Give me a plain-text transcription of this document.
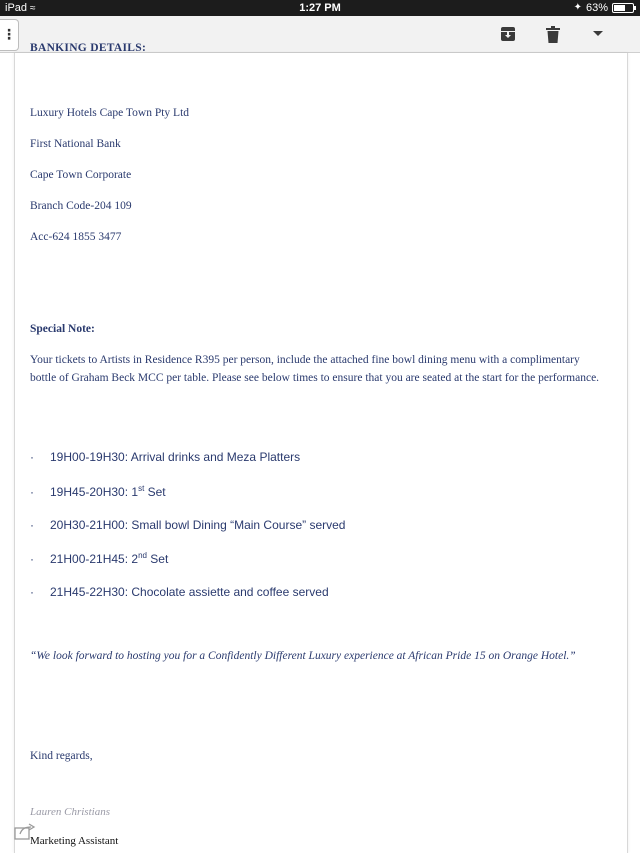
iPad ≈	1:27 PM	✦ 63%
⋮
BANKING DETAILS:

Luxury Hotels Cape Town Pty Ltd

First National Bank

Cape Town Corporate

Branch Code-204 109

Acc-624 1855 3477

Special Note:

Your tickets to Artists in Residence R395 per person, include the attached fine bowl dining menu with a complimentary bottle of Graham Beck MCC per table. Please see below times to ensure that you are seated at the start for the performance.

· 19H00-19H30: Arrival drinks and Meza Platters
· 19H45-20H30: 1st Set
· 20H30-21H00: Small bowl Dining “Main Course” served
· 21H00-21H45: 2nd Set
· 21H45-22H30: Chocolate assiette and coffee served

“We look forward to hosting you for a Confidently Different Luxury experience at African Pride 15 on Orange Hotel.”

Kind regards,

Lauren Christians
Marketing Assistant
